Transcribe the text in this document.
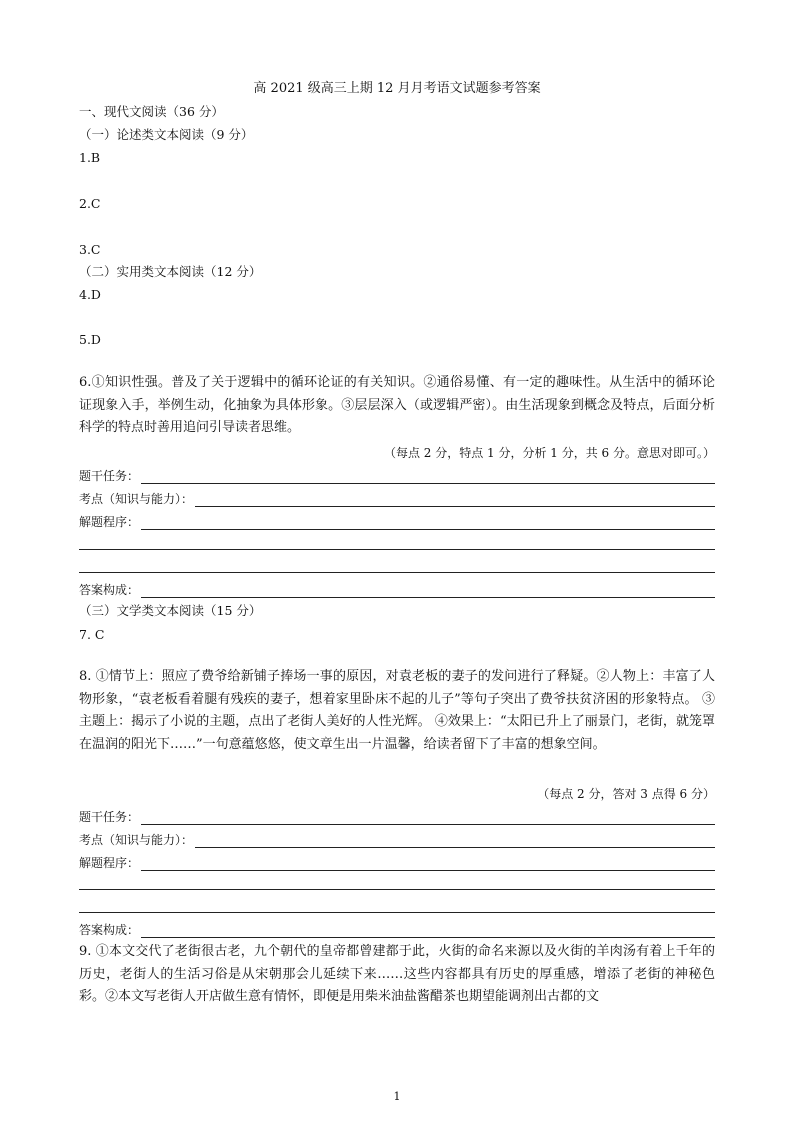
高 2021 级高三上期 12 月月考语文试题参考答案
一、现代文阅读（36 分）
（一）论述类文本阅读（9 分）
1.B
2.C
3.C
（二）实用类文本阅读（12 分）
4.D
5.D
6.①知识性强。普及了关于逻辑中的循环论证的有关知识。②通俗易懂、有一定的趣味性。从生活中的循环论证现象入手，举例生动，化抽象为具体形象。③层层深入（或逻辑严密）。由生活现象到概念及特点，后面分析科学的特点时善用追问引导读者思维。
（每点 2 分，特点 1 分，分析 1 分，共 6 分。意思对即可。）
题干任务：
考点（知识与能力）：
解题程序：
答案构成：
（三）文学类文本阅读（15 分）
7. C
8. ①情节上：照应了费爷给新铺子捧场一事的原因，对袁老板的妻子的发问进行了释疑。②人物上：丰富了人物形象，“袁老板看着腿有残疾的妻子，想着家里卧床不起的儿子”等句子突出了费爷扶贫济困的形象特点。 ③主题上：揭示了小说的主题，点出了老街人美好的人性光辉。 ④效果上：“太阳已升上了丽景门，老街，就笼罩在温润的阳光下……”一句意蕴悠悠，使文章生出一片温馨，给读者留下了丰富的想象空间。
（每点 2 分，答对 3 点得 6 分）
题干任务：
考点（知识与能力）：
解题程序：
答案构成：
9. ①本文交代了老街很古老，九个朝代的皇帝都曾建都于此，火街的命名来源以及火街的羊肉汤有着上千年的历史，老街人的生活习俗是从宋朝那会儿延续下来……这些内容都具有历史的厚重感，增添了老街的神秘色彩。②本文写老街人开店做生意有情怀，即便是用柴米油盐酱醋茶也期望能调剂出古都的文
1
